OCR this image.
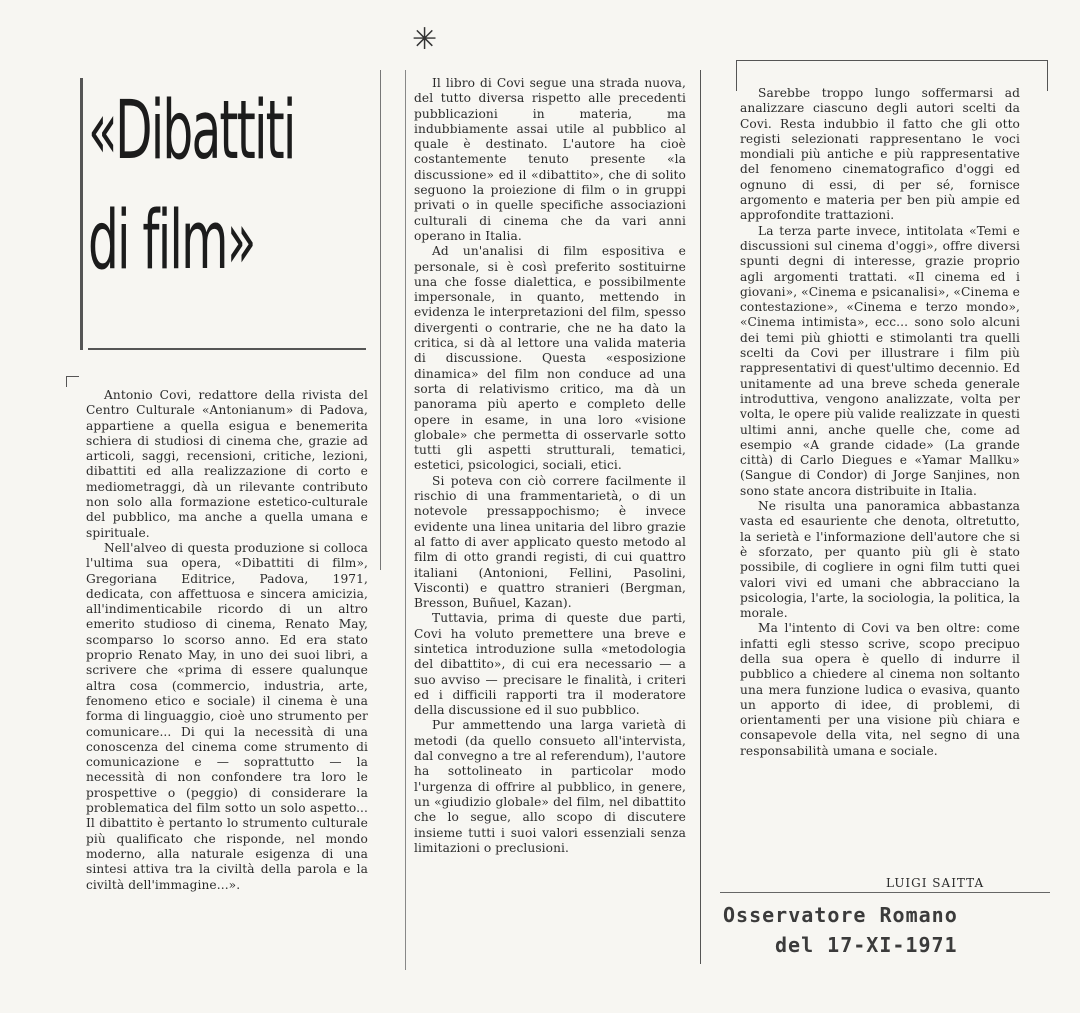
✳
«Dibattiti
di film»

Antonio Covi, redattore della rivista del Centro Culturale «Antonianum» di Padova, appartiene a quella esigua e benemerita schiera di studiosi di cinema che, grazie ad articoli, saggi, recensioni, critiche, lezioni, dibattiti ed alla realizzazione di corto e mediometraggi, dà un rilevante contributo non solo alla formazione estetico-culturale del pubblico, ma anche a quella umana e spirituale.

Nell'alveo di questa produzione si colloca l'ultima sua opera, «Dibattiti di film», Gregoriana Editrice, Padova, 1971, dedicata, con affettuosa e sincera amicizia, all'indimenticabile ricordo di un altro emerito studioso di cinema, Renato May, scomparso lo scorso anno. Ed era stato proprio Renato May, in uno dei suoi libri, a scrivere che «prima di essere qualunque altra cosa (commercio, industria, arte, fenomeno etico e sociale) il cinema è una forma di linguaggio, cioè uno strumento per comunicare... Di qui la necessità di una conoscenza del cinema come strumento di comunicazione e — soprattutto — la necessità di non confondere tra loro le prospettive o (peggio) di considerare la problematica del film sotto un solo aspetto... Il dibattito è pertanto lo strumento culturale più qualificato che risponde, nel mondo moderno, alla naturale esigenza di una sintesi attiva tra la civiltà della parola e la civiltà dell'immagine...».

Il libro di Covi segue una strada nuova, del tutto diversa rispetto alle precedenti pubblicazioni in materia, ma indubbiamente assai utile al pubblico al quale è destinato. L'autore ha cioè costantemente tenuto presente «la discussione» ed il «dibattito», che di solito seguono la proiezione di film o in gruppi privati o in quelle specifiche associazioni culturali di cinema che da vari anni operano in Italia.

Ad un'analisi di film espositiva e personale, si è così preferito sostituirne una che fosse dialettica, e possibilmente impersonale, in quanto, mettendo in evidenza le interpretazioni del film, spesso divergenti o contrarie, che ne ha dato la critica, si dà al lettore una valida materia di discussione. Questa «esposizione dinamica» del film non conduce ad una sorta di relativismo critico, ma dà un panorama più aperto e completo delle opere in esame, in una loro «visione globale» che permetta di osservarle sotto tutti gli aspetti strutturali, tematici, estetici, psicologici, sociali, etici.

Si poteva con ciò correre facilmente il rischio di una frammentarietà, o di un notevole pressappochismo; è invece evidente una linea unitaria del libro grazie al fatto di aver applicato questo metodo al film di otto grandi registi, di cui quattro italiani (Antonioni, Fellini, Pasolini, Visconti) e quattro stranieri (Bergman, Bresson, Buñuel, Kazan).

Tuttavia, prima di queste due parti, Covi ha voluto premettere una breve e sintetica introduzione sulla «metodologia del dibattito», di cui era necessario — a suo avviso — precisare le finalità, i criteri ed i difficili rapporti tra il moderatore della discussione ed il suo pubblico.

Pur ammettendo una larga varietà di metodi (da quello consueto all'intervista, dal convegno a tre al referendum), l'autore ha sottolineato in particolar modo l'urgenza di offrire al pubblico, in genere, un «giudizio globale» del film, nel dibattito che lo segue, allo scopo di discutere insieme tutti i suoi valori essenziali senza limitazioni o preclusioni.

Sarebbe troppo lungo soffermarsi ad analizzare ciascuno degli autori scelti da Covi. Resta indubbio il fatto che gli otto registi selezionati rappresentano le voci mondiali più antiche e più rappresentative del fenomeno cinematografico d'oggi ed ognuno di essi, di per sé, fornisce argomento e materia per ben più ampie ed approfondite trattazioni.

La terza parte invece, intitolata «Temi e discussioni sul cinema d'oggi», offre diversi spunti degni di interesse, grazie proprio agli argomenti trattati. «Il cinema ed i giovani», «Cinema e psicanalisi», «Cinema e contestazione», «Cinema e terzo mondo», «Cinema intimista», ecc... sono solo alcuni dei temi più ghiotti e stimolanti tra quelli scelti da Covi per illustrare i film più rappresentativi di quest'ultimo decennio. Ed unitamente ad una breve scheda generale introduttiva, vengono analizzate, volta per volta, le opere più valide realizzate in questi ultimi anni, anche quelle che, come ad esempio «A grande cidade» (La grande città) di Carlo Diegues e «Yamar Mallku» (Sangue di Condor) di Jorge Sanjines, non sono state ancora distribuite in Italia.

Ne risulta una panoramica abbastanza vasta ed esauriente che denota, oltretutto, la serietà e l'informazione dell'autore che si è sforzato, per quanto più gli è stato possibile, di cogliere in ogni film tutti quei valori vivi ed umani che abbracciano la psicologia, l'arte, la sociologia, la politica, la morale.

Ma l'intento di Covi va ben oltre: come infatti egli stesso scrive, scopo precipuo della sua opera è quello di indurre il pubblico a chiedere al cinema non soltanto una mera funzione ludica o evasiva, quanto un apporto di idee, di problemi, di orientamenti per una visione più chiara e consapevole della vita, nel segno di una responsabilità umana e sociale.

LUIGI SAITTA
Osservatore Romano
del 17-XI-1971
